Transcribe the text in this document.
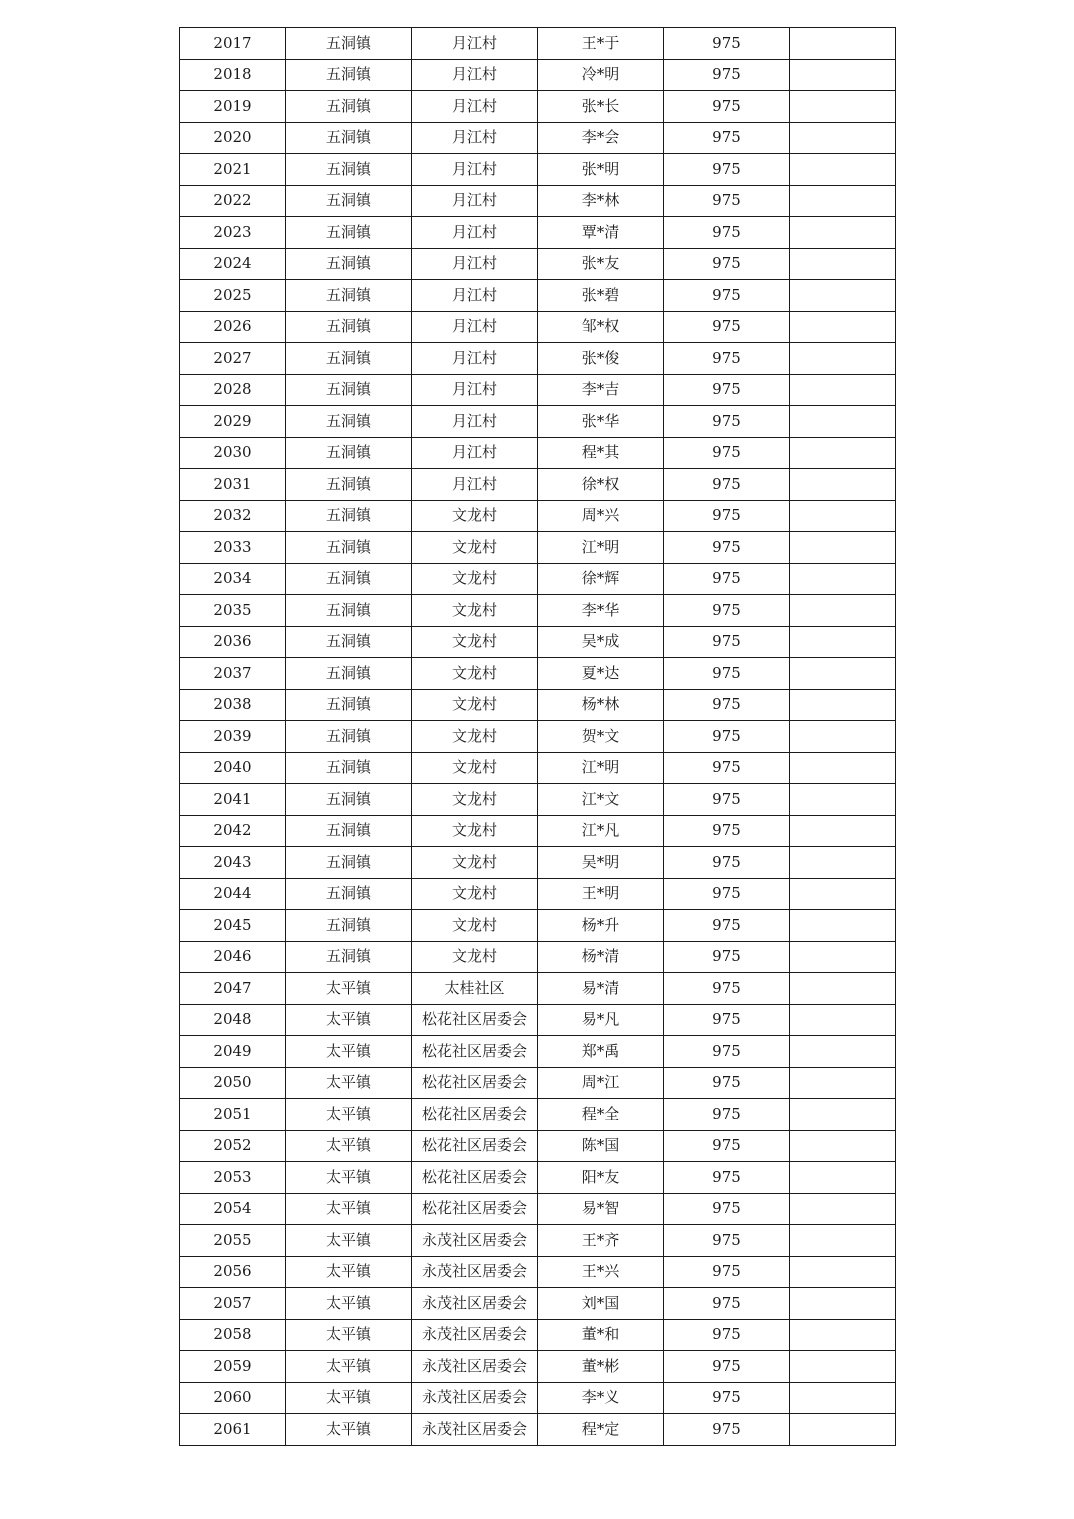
2017	五洞镇	月江村	王*于	975	
2018	五洞镇	月江村	冷*明	975	
2019	五洞镇	月江村	张*长	975	
2020	五洞镇	月江村	李*会	975	
2021	五洞镇	月江村	张*明	975	
2022	五洞镇	月江村	李*林	975	
2023	五洞镇	月江村	覃*清	975	
2024	五洞镇	月江村	张*友	975	
2025	五洞镇	月江村	张*碧	975	
2026	五洞镇	月江村	邹*权	975	
2027	五洞镇	月江村	张*俊	975	
2028	五洞镇	月江村	李*吉	975	
2029	五洞镇	月江村	张*华	975	
2030	五洞镇	月江村	程*其	975	
2031	五洞镇	月江村	徐*权	975	
2032	五洞镇	文龙村	周*兴	975	
2033	五洞镇	文龙村	江*明	975	
2034	五洞镇	文龙村	徐*辉	975	
2035	五洞镇	文龙村	李*华	975	
2036	五洞镇	文龙村	吴*成	975	
2037	五洞镇	文龙村	夏*达	975	
2038	五洞镇	文龙村	杨*林	975	
2039	五洞镇	文龙村	贺*文	975	
2040	五洞镇	文龙村	江*明	975	
2041	五洞镇	文龙村	江*文	975	
2042	五洞镇	文龙村	江*凡	975	
2043	五洞镇	文龙村	吴*明	975	
2044	五洞镇	文龙村	王*明	975	
2045	五洞镇	文龙村	杨*升	975	
2046	五洞镇	文龙村	杨*清	975	
2047	太平镇	太桂社区	易*清	975	
2048	太平镇	松花社区居委会	易*凡	975	
2049	太平镇	松花社区居委会	郑*禹	975	
2050	太平镇	松花社区居委会	周*江	975	
2051	太平镇	松花社区居委会	程*全	975	
2052	太平镇	松花社区居委会	陈*国	975	
2053	太平镇	松花社区居委会	阳*友	975	
2054	太平镇	松花社区居委会	易*智	975	
2055	太平镇	永茂社区居委会	王*齐	975	
2056	太平镇	永茂社区居委会	王*兴	975	
2057	太平镇	永茂社区居委会	刘*国	975	
2058	太平镇	永茂社区居委会	董*和	975	
2059	太平镇	永茂社区居委会	董*彬	975	
2060	太平镇	永茂社区居委会	李*义	975	
2061	太平镇	永茂社区居委会	程*定	975	
